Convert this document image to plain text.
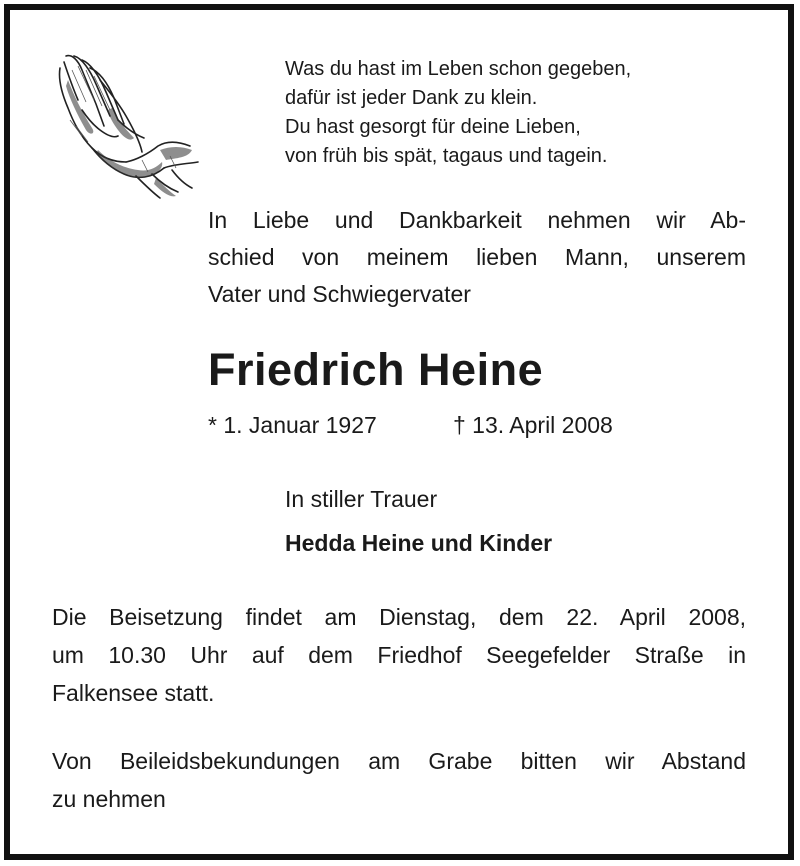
Was du hast im Leben schon gegeben,
dafür ist jeder Dank zu klein.
Du hast gesorgt für deine Lieben,
von früh bis spät, tagaus und tagein.
In Liebe und Dankbarkeit nehmen wir Ab-
schied von meinem lieben Mann, unserem
Vater und Schwiegervater
Friedrich Heine
* 1. Januar 1927	† 13. April 2008
In stiller Trauer
Hedda Heine und Kinder
Die Beisetzung findet am Dienstag, dem 22. April 2008,
um 10.30 Uhr auf dem Friedhof Seegefelder Straße in
Falkensee statt.
Von Beileidsbekundungen am Grabe bitten wir Abstand
zu nehmen
